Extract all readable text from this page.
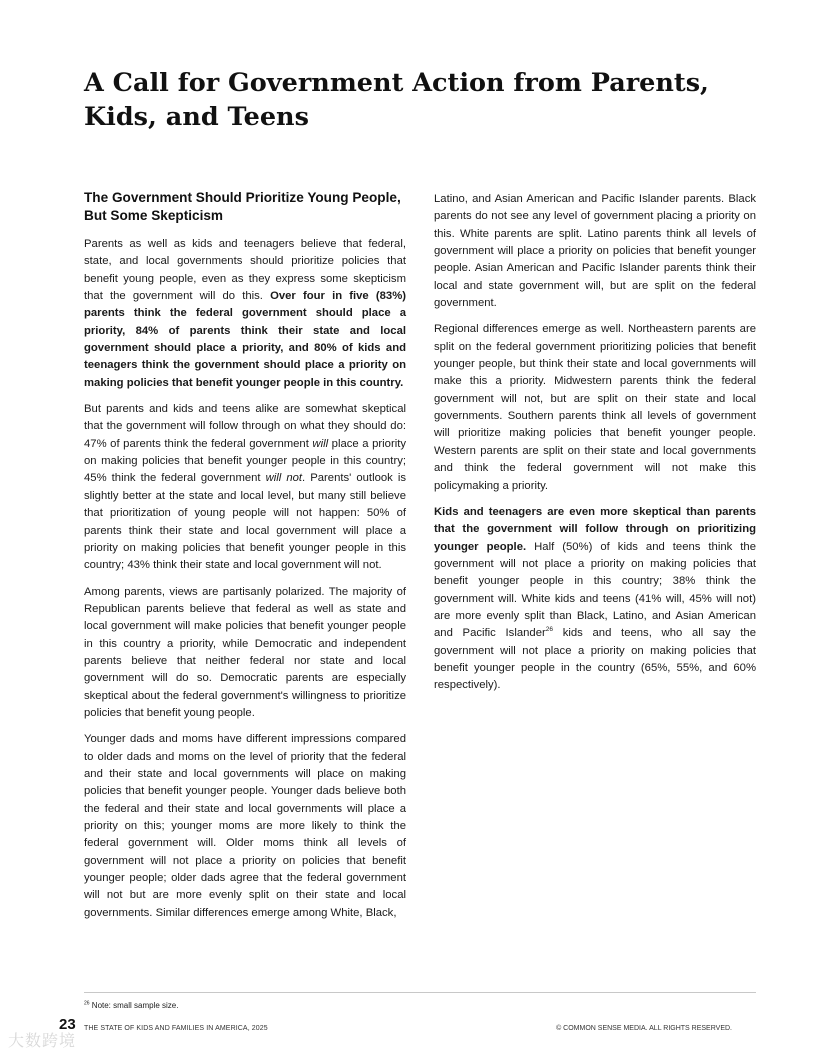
A Call for Government Action from Parents, Kids, and Teens
The Government Should Prioritize Young People, But Some Skepticism

Parents as well as kids and teenagers believe that federal, state, and local governments should prioritize policies that benefit young people, even as they express some skepticism that the government will do this. Over four in five (83%) parents think the federal government should place a priority, 84% of parents think their state and local government should place a priority, and 80% of kids and teenagers think the government should place a priority on making policies that benefit younger people in this country.

But parents and kids and teens alike are somewhat skeptical that the government will follow through on what they should do: 47% of parents think the federal government will place a priority on making policies that benefit younger people in this country; 45% think the federal government will not. Parents' outlook is slightly better at the state and local level, but many still believe that prioritization of young people will not happen: 50% of parents think their state and local government will place a priority on making policies that benefit younger people in this country; 43% think their state and local government will not.

Among parents, views are partisanly polarized. The majority of Republican parents believe that federal as well as state and local government will make policies that benefit younger people in this country a priority, while Democratic and independent parents believe that neither federal nor state and local government will do so. Democratic parents are especially skeptical about the federal government's willingness to prioritize policies that benefit young people.

Younger dads and moms have different impressions compared to older dads and moms on the level of priority that the federal and their state and local governments will place on making policies that benefit younger people. Younger dads believe both the federal and their state and local governments will place a priority on this; younger moms are more likely to think the federal government will. Older moms think all levels of government will not place a priority on policies that benefit younger people; older dads agree that the federal government will not but are more evenly split on their state and local governments. Similar differences emerge among White, Black,

Latino, and Asian American and Pacific Islander parents. Black parents do not see any level of government placing a priority on this. White parents are split. Latino parents think all levels of government will place a priority on policies that benefit younger people. Asian American and Pacific Islander parents think their local and state government will, but are split on the federal government.

Regional differences emerge as well. Northeastern parents are split on the federal government prioritizing policies that benefit younger people, but think their state and local governments will make this a priority. Midwestern parents think the federal government will not, but are split on their state and local governments. Southern parents think all levels of government will prioritize making policies that benefit younger people. Western parents are split on their state and local governments and think the federal government will not make this policymaking a priority.

Kids and teenagers are even more skeptical than parents that the government will follow through on prioritizing younger people. Half (50%) of kids and teens think the government will not place a priority on making policies that benefit younger people in this country; 38% think the government will. White kids and teens (41% will, 45% will not) are more evenly split than Black, Latino, and Asian American and Pacific Islander$^{26}$ kids and teens, who all say the government will not place a priority on making policies that benefit younger people in the country (65%, 55%, and 60% respectively).

$^{26}$ Note: small sample size.
大数跨境
23 THE STATE OF KIDS AND FAMILIES IN AMERICA, 2025	© COMMON SENSE MEDIA. ALL RIGHTS RESERVED.
